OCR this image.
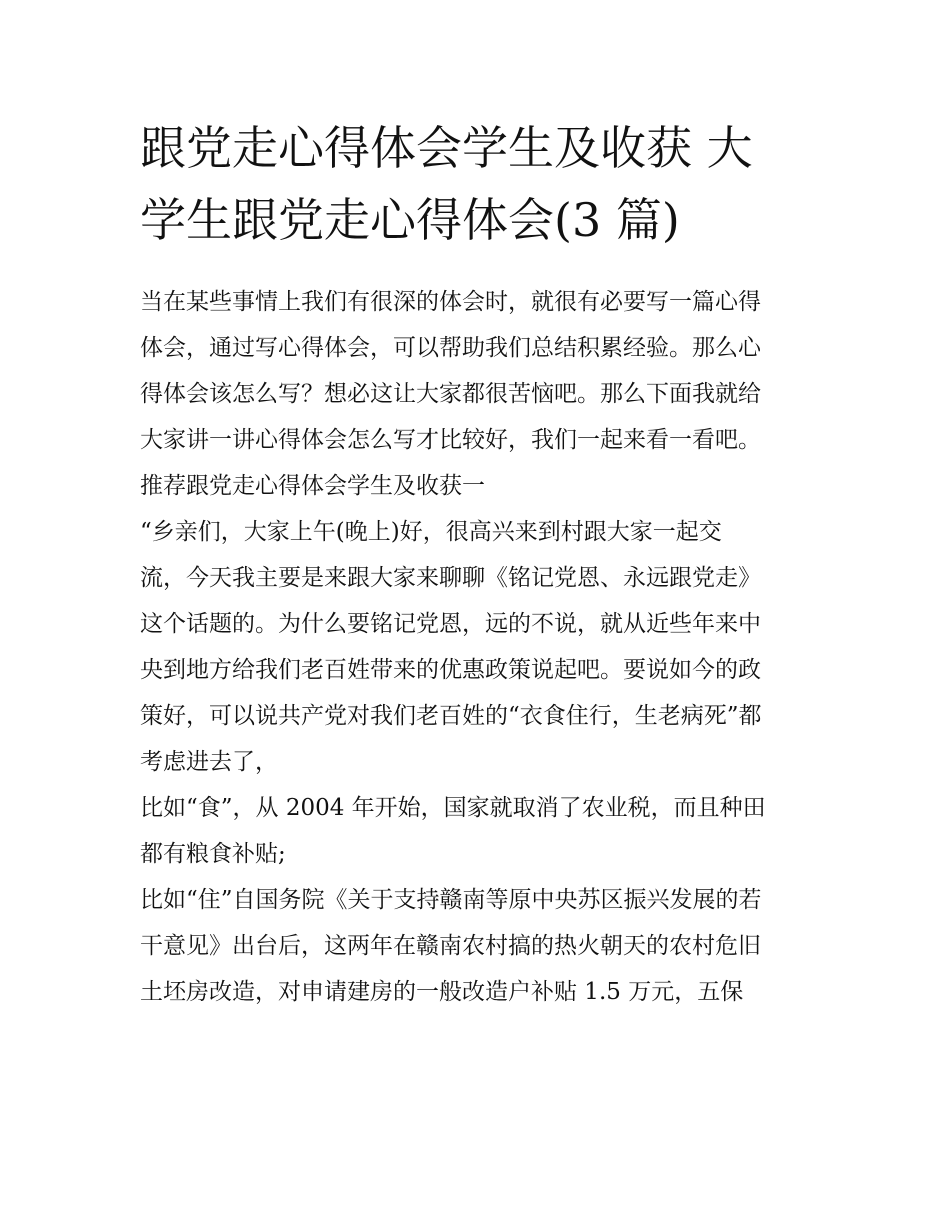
跟党走心得体会学生及收获 大
学生跟党走心得体会(3 篇)

当在某些事情上我们有很深的体会时，就很有必要写一篇心得

体会，通过写心得体会，可以帮助我们总结积累经验。那么心

得体会该怎么写？想必这让大家都很苦恼吧。那么下面我就给

大家讲一讲心得体会怎么写才比较好，我们一起来看一看吧。

推荐跟党走心得体会学生及收获一

“乡亲们，大家上午(晚上)好，很高兴来到村跟大家一起交

流，今天我主要是来跟大家来聊聊《铭记党恩、永远跟党走》

这个话题的。为什么要铭记党恩，远的不说，就从近些年来中

央到地方给我们老百姓带来的优惠政策说起吧。要说如今的政

策好，可以说共产党对我们老百姓的“衣食住行，生老病死”都

考虑进去了，

比如“食”，从 2004 年开始，国家就取消了农业税，而且种田

都有粮食补贴;

比如“住”自国务院《关于支持赣南等原中央苏区振兴发展的若

干意见》出台后，这两年在赣南农村搞的热火朝天的农村危旧

土坯房改造，对申请建房的一般改造户补贴 1.5 万元，五保
